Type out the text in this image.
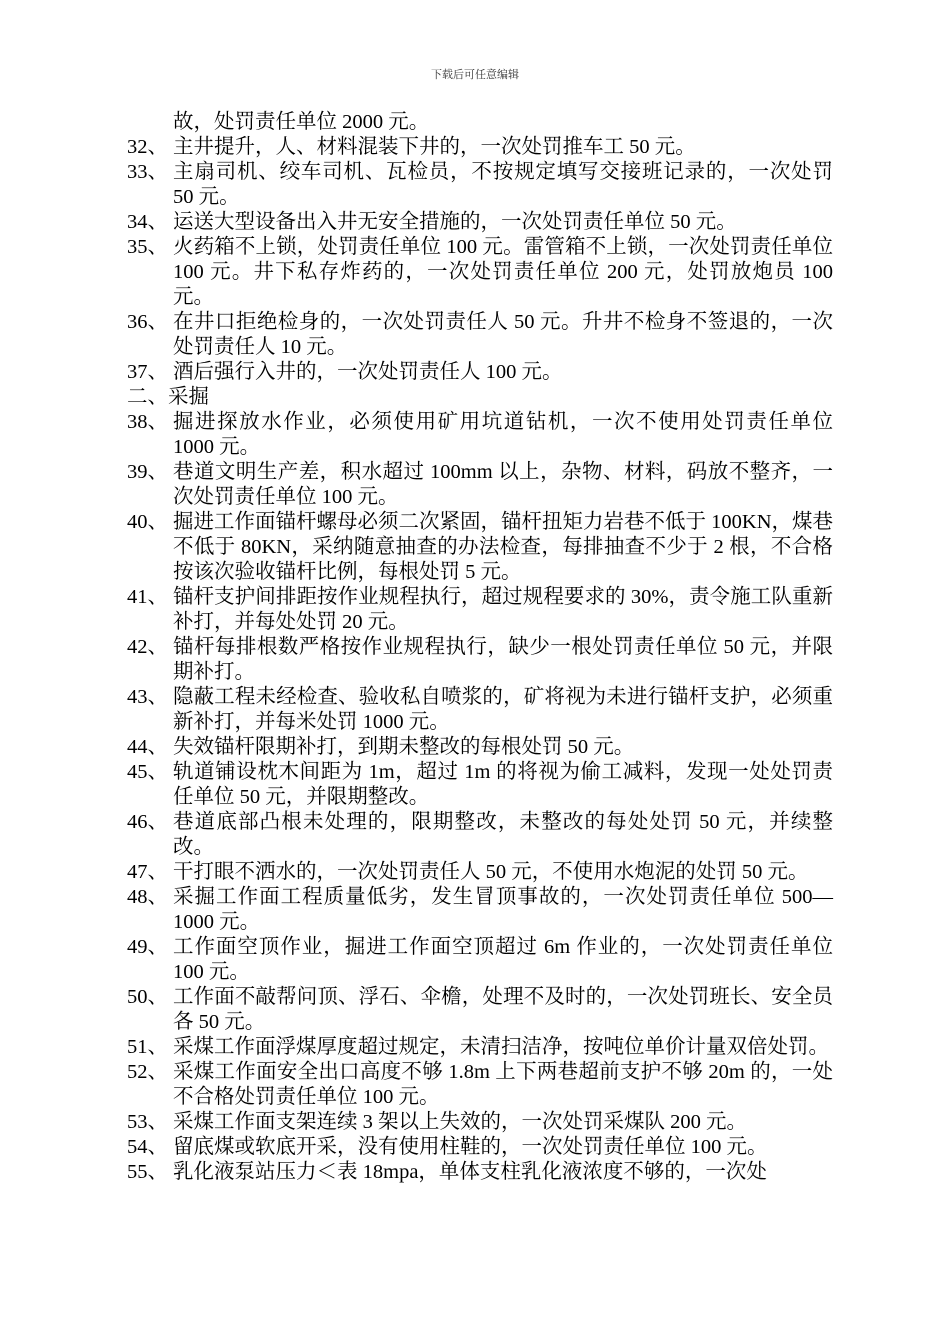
下载后可任意编辑
故，处罚责任单位 2000 元。
32、 主井提升，人、材料混装下井的，一次处罚推车工 50 元。
33、 主扇司机、绞车司机、瓦检员，不按规定填写交接班记录的，一次处罚 50 元。
34、 运送大型设备出入井无安全措施的，一次处罚责任单位 50 元。
35、 火药箱不上锁，处罚责任单位 100 元。雷管箱不上锁，一次处罚责任单位 100 元。井下私存炸药的，一次处罚责任单位 200 元，处罚放炮员 100 元。
36、 在井口拒绝检身的，一次处罚责任人 50 元。升井不检身不签退的，一次处罚责任人 10 元。
37、 酒后强行入井的，一次处罚责任人 100 元。
二、采掘
38、 掘进探放水作业，必须使用矿用坑道钻机，一次不使用处罚责任单位 1000 元。
39、 巷道文明生产差，积水超过 100mm 以上，杂物、材料，码放不整齐，一次处罚责任单位 100 元。
40、 掘进工作面锚杆螺母必须二次紧固，锚杆扭矩力岩巷不低于 100KN，煤巷不低于 80KN，采纳随意抽查的办法检查，每排抽查不少于 2 根，不合格按该次验收锚杆比例，每根处罚 5 元。
41、 锚杆支护间排距按作业规程执行，超过规程要求的 30%，责令施工队重新补打，并每处处罚 20 元。
42、 锚杆每排根数严格按作业规程执行，缺少一根处罚责任单位 50 元，并限期补打。
43、 隐蔽工程未经检查、验收私自喷浆的，矿将视为未进行锚杆支护，必须重新补打，并每米处罚 1000 元。
44、 失效锚杆限期补打，到期未整改的每根处罚 50 元。
45、 轨道铺设枕木间距为 1m，超过 1m 的将视为偷工减料，发现一处处罚责任单位 50 元，并限期整改。
46、 巷道底部凸根未处理的，限期整改，未整改的每处处罚 50 元，并续整改。
47、 干打眼不洒水的，一次处罚责任人 50 元，不使用水炮泥的处罚 50 元。
48、 采掘工作面工程质量低劣，发生冒顶事故的，一次处罚责任单位 500—1000 元。
49、 工作面空顶作业，掘进工作面空顶超过 6m 作业的，一次处罚责任单位 100 元。
50、 工作面不敲帮问顶、浮石、伞檐，处理不及时的，一次处罚班长、安全员各 50 元。
51、 采煤工作面浮煤厚度超过规定，未清扫洁净，按吨位单价计量双倍处罚。
52、 采煤工作面安全出口高度不够 1.8m 上下两巷超前支护不够 20m 的，一处不合格处罚责任单位 100 元。
53、 采煤工作面支架连续 3 架以上失效的，一次处罚采煤队 200 元。
54、 留底煤或软底开采，没有使用柱鞋的，一次处罚责任单位 100 元。
55、 乳化液泵站压力＜表 18mpa，单体支柱乳化液浓度不够的，一次处
